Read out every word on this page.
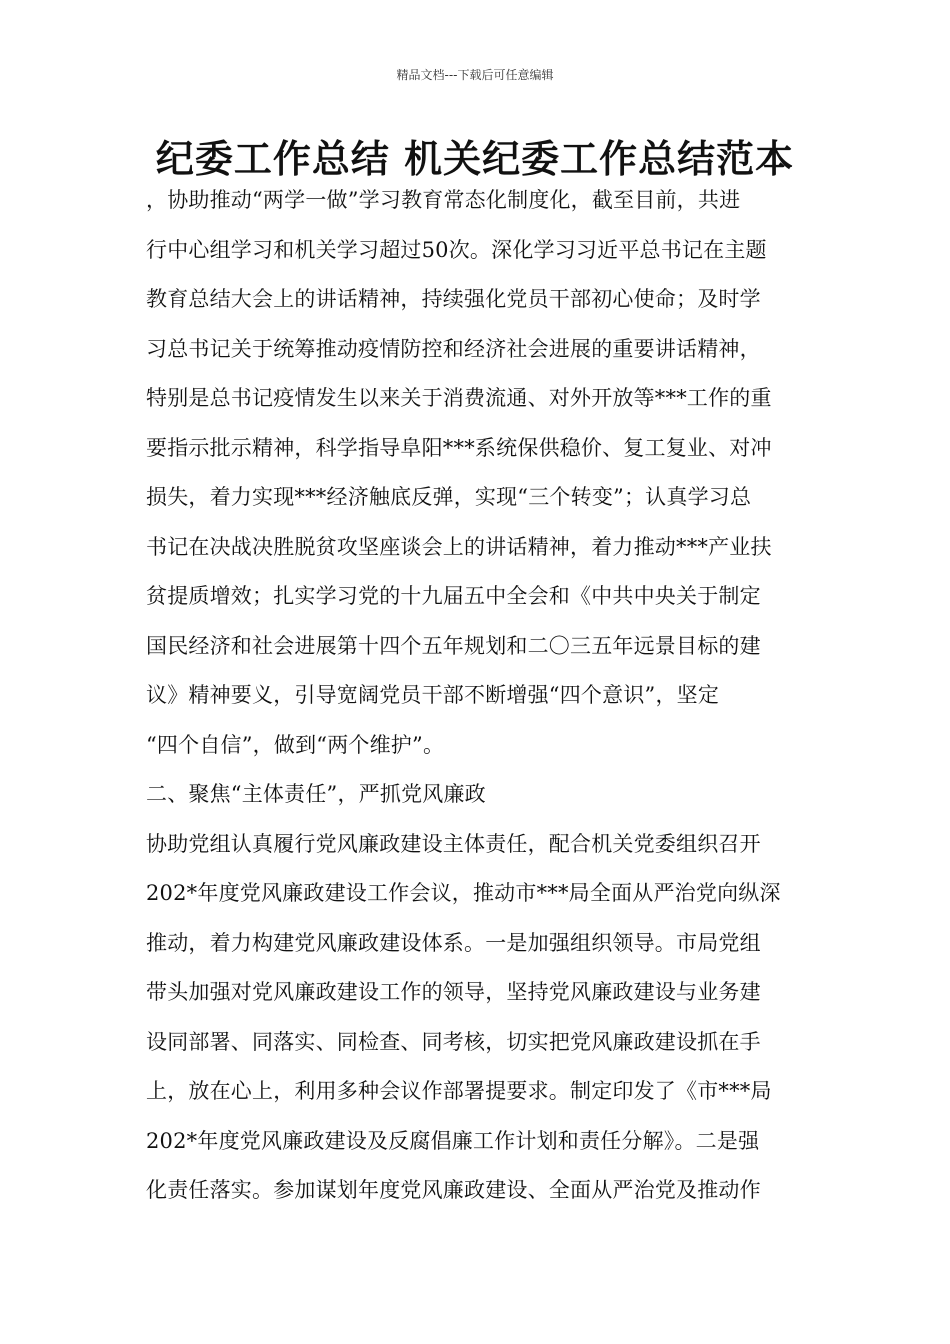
精品文档---下载后可任意编辑
纪委工作总结 机关纪委工作总结范本
，协助推动“两学一做”学习教育常态化制度化，截至目前，共进
行中心组学习和机关学习超过50次。深化学习习近平总书记在主题
教育总结大会上的讲话精神，持续强化党员干部初心使命；及时学
习总书记关于统筹推动疫情防控和经济社会进展的重要讲话精神，
特别是总书记疫情发生以来关于消费流通、对外开放等***工作的重
要指示批示精神，科学指导阜阳***系统保供稳价、复工复业、对冲
损失，着力实现***经济触底反弹，实现“三个转变”；认真学习总
书记在决战决胜脱贫攻坚座谈会上的讲话精神，着力推动***产业扶
贫提质增效；扎实学习党的十九届五中全会和《中共中央关于制定
国民经济和社会进展第十四个五年规划和二〇三五年远景目标的建
议》精神要义，引导宽阔党员干部不断增强“四个意识”，坚定
“四个自信”，做到“两个维护”。
二、聚焦“主体责任”，严抓党风廉政
协助党组认真履行党风廉政建设主体责任，配合机关党委组织召开
202*年度党风廉政建设工作会议，推动市***局全面从严治党向纵深
推动，着力构建党风廉政建设体系。一是加强组织领导。市局党组
带头加强对党风廉政建设工作的领导，坚持党风廉政建设与业务建
设同部署、同落实、同检查、同考核，切实把党风廉政建设抓在手
上，放在心上，利用多种会议作部署提要求。制定印发了《市***局
202*年度党风廉政建设及反腐倡廉工作计划和责任分解》。二是强
化责任落实。参加谋划年度党风廉政建设、全面从严治党及推动作
